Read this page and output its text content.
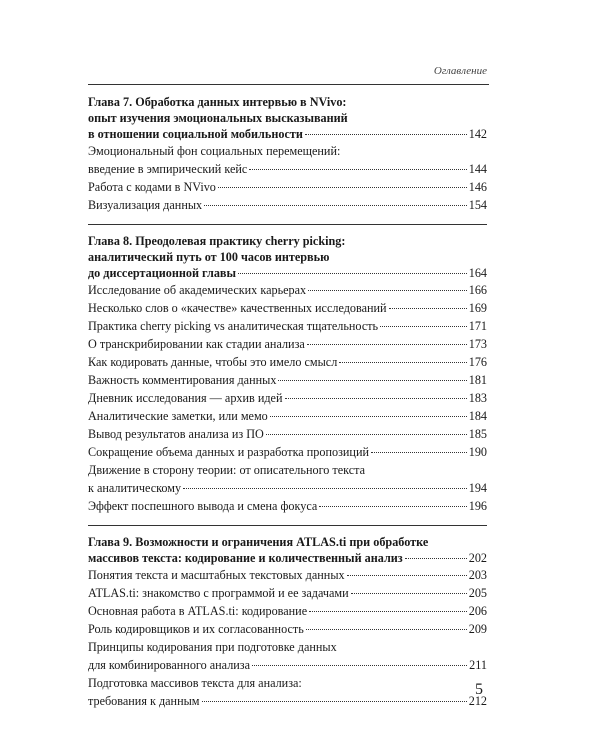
Оглавление
Глава 7. Обработка данных интервью в NVivo:
опыт изучения эмоциональных высказываний
в отношении социальной мобильности	142
Эмоциональный фон социальных перемещений:
введение в эмпирический кейс	144
Работа с кодами в NVivo	146
Визуализация данных	154
Глава 8. Преодолевая практику cherry picking:
аналитический путь от 100 часов интервью
до диссертационной главы	164
Исследование об академических карьерах	166
Несколько слов о «качестве» качественных исследований	169
Практика cherry picking vs аналитическая тщательность	171
О транскрибировании как стадии анализа	173
Как кодировать данные, чтобы это имело смысл	176
Важность комментирования данных	181
Дневник исследования — архив идей	183
Аналитические заметки, или мемо	184
Вывод результатов анализа из ПО	185
Сокращение объема данных и разработка пропозиций	190
Движение в сторону теории: от описательного текста
к аналитическому	194
Эффект поспешного вывода и смена фокуса	196
Глава 9. Возможности и ограничения ATLAS.ti при обработке
массивов текста: кодирование и количественный анализ	202
Понятия текста и масштабных текстовых данных	203
ATLAS.ti: знакомство с программой и ее задачами	205
Основная работа в ATLAS.ti: кодирование	206
Роль кодировщиков и их согласованность	209
Принципы кодирования при подготовке данных
для комбинированного анализа	211
Подготовка массивов текста для анализа:
требования к данным	212
5
